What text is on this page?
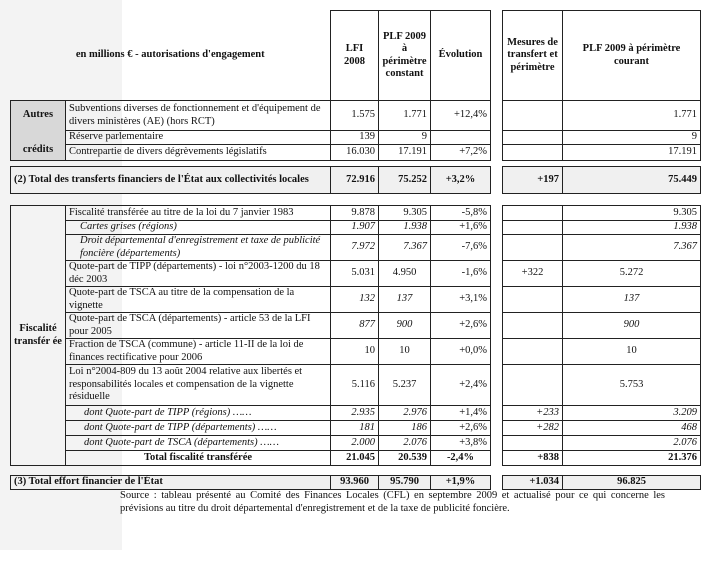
en millions € - autorisations d'engagement		LFI 2008	PLF 2009 à périmètre constant	Évolution		Mesures de transfert et périmètre	PLF 2009 à périmètre courant

Autres
crédits	Subventions diverses de fonctionnement et d'équipement de divers ministères (AE) (hors RCT)	1.575	1.771	+12,4%			1.771
	Réserve parlementaire	139	9				9
	Contrepartie de divers dégrèvements législatifs	16.030	17.191	+7,2%			17.191

(2) Total des transferts financiers de l'État aux collectivités locales		72.916	75.252	+3,2%		+197	75.449

Fiscalité transfér ée	Fiscalité transférée au titre de la loi du 7 janvier 1983	9.878	9.305	-5,8%			9.305
	Cartes grises (régions)	1.907	1.938	+1,6%			1.938
	Droit départemental d'enregistrement et taxe de publicité foncière (départements)	7.972	7.367	-7,6%			7.367
	Quote-part de TIPP (départements) - loi n°2003-1200 du 18 déc 2003	5.031	4.950	-1,6%		+322	5.272
	Quote-part de TSCA au titre de la compensation de la vignette	132	137	+3,1%			137
	Quote-part de TSCA (départements) - article 53 de la LFI pour 2005	877	900	+2,6%			900
	Fraction de TSCA (commune) - article 11-II de la loi de finances rectificative pour 2006	10	10	+0,0%			10
	Loi n°2004-809 du 13 août 2004 relative aux libertés et responsabilités locales et compensation de la vignette résiduelle	5.116	5.237	+2,4%			5.753
	dont Quote-part de TIPP (régions) ……	2.935	2.976	+1,4%		+233	3.209
	dont Quote-part de TIPP (départements) ……	181	186	+2,6%		+282	468
	dont Quote-part de TSCA (départements) ……	2.000	2.076	+3,8%			2.076
	Total fiscalité transférée	21.045	20.539	-2,4%		+838	21.376

(3) Total effort financier de l'État		93.960	95.790	+1,9%		+1.034	96.825
Source : tableau présenté au Comité des Finances Locales (CFL) en septembre 2009 et actualisé pour ce qui concerne les prévisions au titre du droit départemental d'enregistrement et de la taxe de publicité foncière.
